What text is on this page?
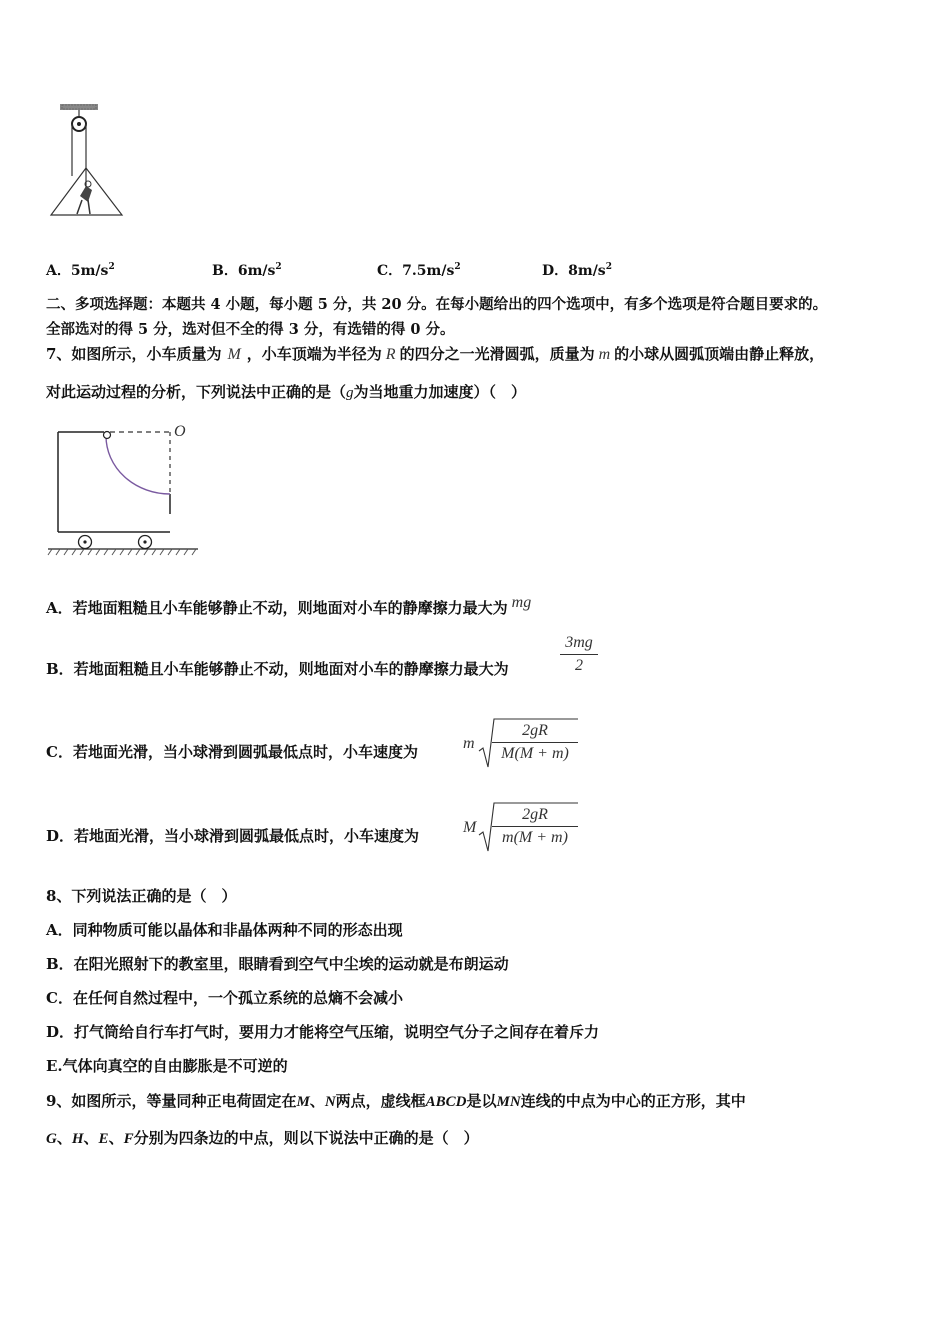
A．$5m/s^2$	B．$6m/s^2$	C．$7.5m/s^2$	D．$8m/s^2$
二、多项选择题：本题共 4 小题，每小题 5 分，共 20 分。在每小题给出的四个选项中，有多个选项是符合题目要求的。
全部选对的得 5 分，选对但不全的得 3 分，有选错的得 0 分。
7、如图所示，小车质量为 M ，小车顶端为半径为 R 的四分之一光滑圆弧，质量为 m 的小球从圆弧顶端由静止释放，
对此运动过程的分析，下列说法中正确的是（g为当地重力加速度）（　）
O
A．若地面粗糙且小车能够静止不动，则地面对小车的静摩擦力最大为 mg
B．若地面粗糙且小车能够静止不动，则地面对小车的静摩擦力最大为
3mg
2
C．若地面光滑，当小球滑到圆弧最低点时，小车速度为	m
2gR
M(M + m)
D．若地面光滑，当小球滑到圆弧最低点时，小车速度为	M
2gR
m(M + m)
8、下列说法正确的是（　）
A．同种物质可能以晶体和非晶体两种不同的形态出现
B．在阳光照射下的教室里，眼睛看到空气中尘埃的运动就是布朗运动
C．在任何自然过程中，一个孤立系统的总熵不会减小
D．打气筒给自行车打气时，要用力才能将空气压缩，说明空气分子之间存在着斥力
E.气体向真空的自由膨胀是不可逆的
9、如图所示，等量同种正电荷固定在M、N两点，虚线框ABCD是以MN连线的中点为中心的正方形，其中
G、H、E、F分别为四条边的中点，则以下说法中正确的是（　）
